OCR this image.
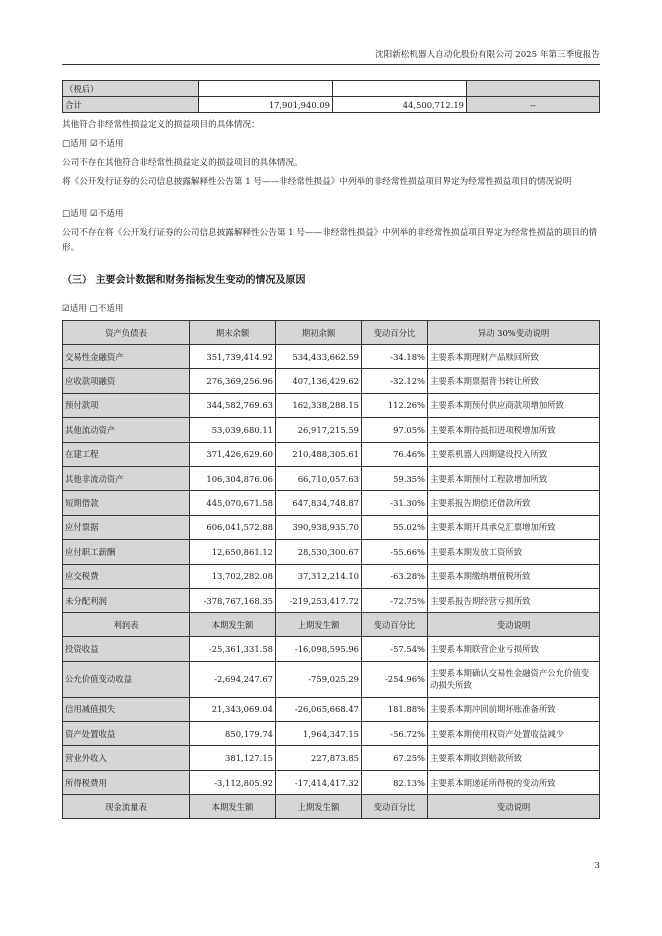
沈阳新松机器人自动化股份有限公司 2025 年第三季度报告
（税后）			
合计	17,901,940.09	44,500,712.19	--
其他符合非经常性损益定义的损益项目的具体情况：
□适用 ☑不适用
公司不存在其他符合非经常性损益定义的损益项目的具体情况。
将《公开发行证券的公司信息披露解释性公告第 1 号——非经常性损益》中列举的非经常性损益项目界定为经常性损益项目的情况说明
□适用 ☑不适用
公司不存在将《公开发行证券的公司信息披露解释性公告第 1 号——非经常性损益》中列举的非经常性损益项目界定为经常性损益的项目的情形。
（三） 主要会计数据和财务指标发生变动的情况及原因
☑适用 □不适用
资产负债表	期末余额	期初余额	变动百分比	异动 30%变动说明
交易性金融资产	351,739,414.92	534,433,662.59	-34.18%	主要系本期理财产品赎回所致
应收款项融资	276,369,256.96	407,136,429.62	-32.12%	主要系本期票据背书转让所致
预付款项	344,582,769.63	162,338,288.15	112.26%	主要系本期预付供应商款项增加所致
其他流动资产	53,039,680.11	26,917,215.59	97.05%	主要系本期待抵扣进项税增加所致
在建工程	371,426,629.60	210,488,305.61	76.46%	主要系机器人四期建设投入所致
其他非流动资产	106,304,876.06	66,710,057.63	59.35%	主要系本期预付工程款增加所致
短期借款	445,070,671.58	647,834,748.87	-31.30%	主要系报告期偿还借款所致
应付票据	606,041,572.88	390,938,935.70	55.02%	主要系本期开具承兑汇票增加所致
应付职工薪酬	12,650,861.12	28,530,300.67	-55.66%	主要系本期发放工资所致
应交税费	13,702,282.08	37,312,214.10	-63.28%	主要系本期缴纳增值税所致
未分配利润	-378,767,168.35	-219,253,417.72	-72.75%	主要系报告期经营亏损所致
利润表	本期发生额	上期发生额	变动百分比	变动说明
投资收益	-25,361,331.58	-16,098,595.96	-57.54%	主要系本期联营企业亏损所致
公允价值变动收益	-2,694,247.67	-759,025.29	-254.96%	主要系本期确认交易性金融资产公允价值变动损失所致
信用减值损失	21,343,069.04	-26,065,668.47	181.88%	主要系本期冲回前期坏账准备所致
资产处置收益	850,179.74	1,964,347.15	-56.72%	主要系本期使用权资产处置收益减少
营业外收入	381,127.15	227,873.85	67.25%	主要系本期收到赔款所致
所得税费用	-3,112,805.92	-17,414,417.32	82.13%	主要系本期递延所得税的变动所致
现金流量表	本期发生额	上期发生额	变动百分比	变动说明
3
